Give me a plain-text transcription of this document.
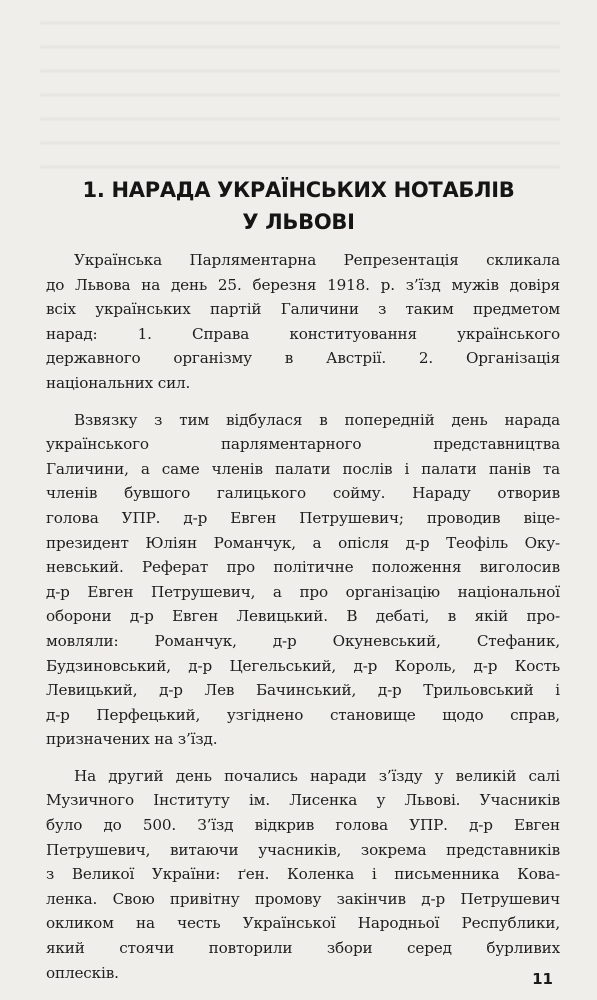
1. НАРАДА УКРАЇНСЬКИХ НОТАБЛІВ
У ЛЬВОВІ

Українська Парляментарна Репрезентація скликала
до Львова на день 25. березня 1918. р. з’їзд мужів довіря
всіх українських партій Галичини з таким предметом
нарад: 1. Справа конституовання українського
державного організму в Австрії. 2. Організація
національних сил.

Взвязку з тим відбулася в попередній день нарада
українського парляментарного представництва
Галичини, а саме членів палати послів і палати панів та
членів бувшого галицького сойму. Нараду отворив
голова УПР. д-р Евген Петрушевич; проводив віце-
президент Юліян Романчук, а опісля д-р Теофіль Оку-
невський. Реферат про політичне положення виголосив
д-р Евген Петрушевич, а про організацію національної
оборони д-р Евген Левицький. В дебаті, в якій про-
мовляли: Романчук, д-р Окуневський, Стефаник,
Будзиновський, д-р Цегельський, д-р Король, д-р Кость
Левицький, д-р Лев Бачинський, д-р Трильовський і
д-р Перфецький, узгіднено становище щодо справ,
призначених на з’їзд.

На другий день почались наради з’їзду у великій салі
Музичного Інституту ім. Лисенка у Львові. Учасників
було до 500. З’їзд відкрив голова УПР. д-р Евген
Петрушевич, витаючи учасників, зокрема представників
з Великої України: ґен. Коленка і письменника Кова-
ленка. Свою привітну промову закінчив д-р Петрушевич
окликом на честь Української Народньої Республики,
який стоячи повторили збори серед бурливих
оплесків.	11
